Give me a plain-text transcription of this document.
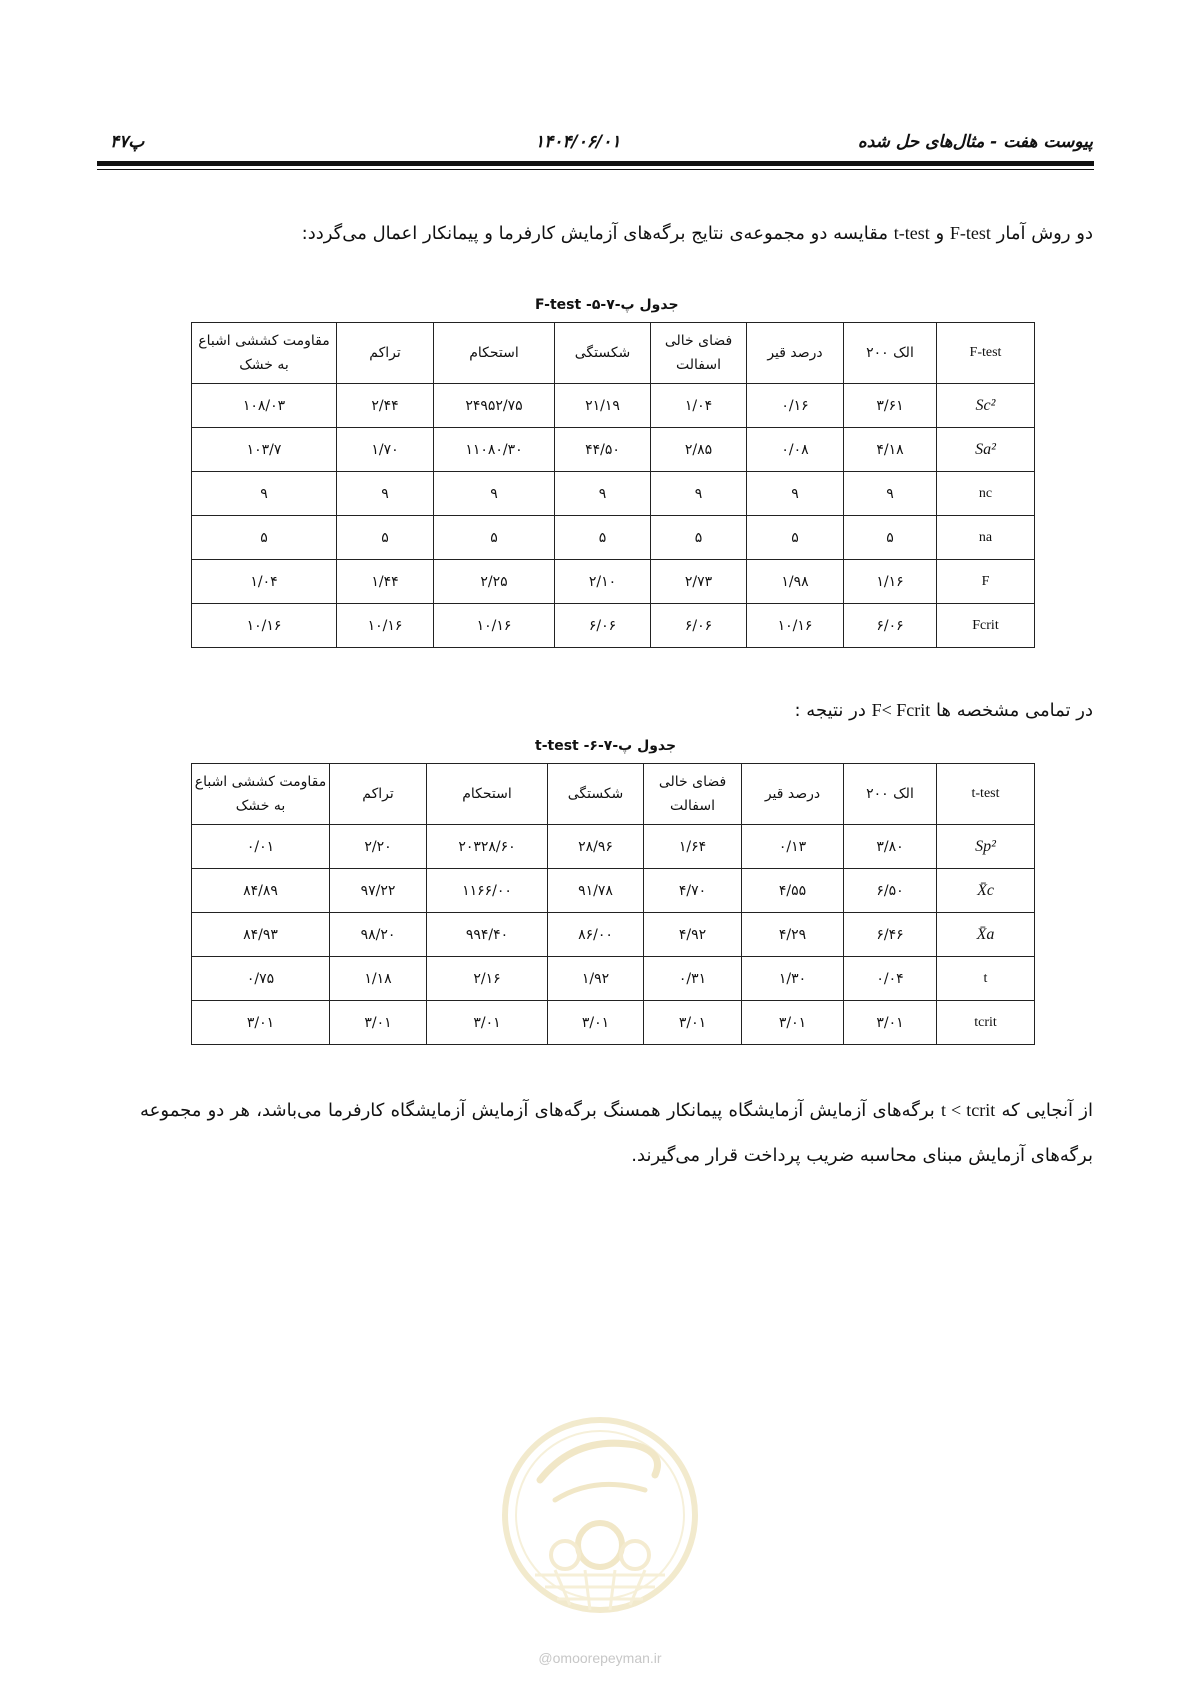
پیوست هفت - مثال‌های حل شده
۱۴۰۴/۰۶/۰۱
پ۴۷
دو روش آمار F-test و t-test مقایسه دو مجموعه‌ی نتایج برگه‌های آزمایش کارفرما و پیمانکار اعمال می‌گردد:
جدول پ-۷-۵- F-test
F-test	الک ۲۰۰	درصد قیر	فضای خالی اسفالت	شکستگی	استحکام	تراکم	مقاومت کششی اشباع به خشک
Sc²	۳/۶۱	۰/۱۶	۱/۰۴	۲۱/۱۹	۲۴۹۵۲/۷۵	۲/۴۴	۱۰۸/۰۳
Sa²	۴/۱۸	۰/۰۸	۲/۸۵	۴۴/۵۰	۱۱۰۸۰/۳۰	۱/۷۰	۱۰۳/۷
nc	۹	۹	۹	۹	۹	۹	۹
na	۵	۵	۵	۵	۵	۵	۵
F	۱/۱۶	۱/۹۸	۲/۷۳	۲/۱۰	۲/۲۵	۱/۴۴	۱/۰۴
Fcrit	۶/۰۶	۱۰/۱۶	۶/۰۶	۶/۰۶	۱۰/۱۶	۱۰/۱۶	۱۰/۱۶
در تمامی مشخصه ها F< Fcrit در نتیجه :
جدول پ-۷-۶- t-test
t-test	الک ۲۰۰	درصد قیر	فضای خالی اسفالت	شکستگی	استحکام	تراکم	مقاومت کششی اشباع به خشک
Sp²	۳/۸۰	۰/۱۳	۱/۶۴	۲۸/۹۶	۲۰۳۲۸/۶۰	۲/۲۰	۰/۰۱
X̄c	۶/۵۰	۴/۵۵	۴/۷۰	۹۱/۷۸	۱۱۶۶/۰۰	۹۷/۲۲	۸۴/۸۹
X̄a	۶/۴۶	۴/۲۹	۴/۹۲	۸۶/۰۰	۹۹۴/۴۰	۹۸/۲۰	۸۴/۹۳
t	۰/۰۴	۱/۳۰	۰/۳۱	۱/۹۲	۲/۱۶	۱/۱۸	۰/۷۵
tcrit	۳/۰۱	۳/۰۱	۳/۰۱	۳/۰۱	۳/۰۱	۳/۰۱	۳/۰۱
از آنجایی که t < tcrit برگه‌های آزمایش آزمایشگاه پیمانکار همسنگ برگه‌های آزمایش آزمایشگاه کارفرما می‌باشد، هر دو مجموعه برگه‌های آزمایش مبنای محاسبه ضریب پرداخت قرار می‌گیرند.
@omoorepeyman.ir
